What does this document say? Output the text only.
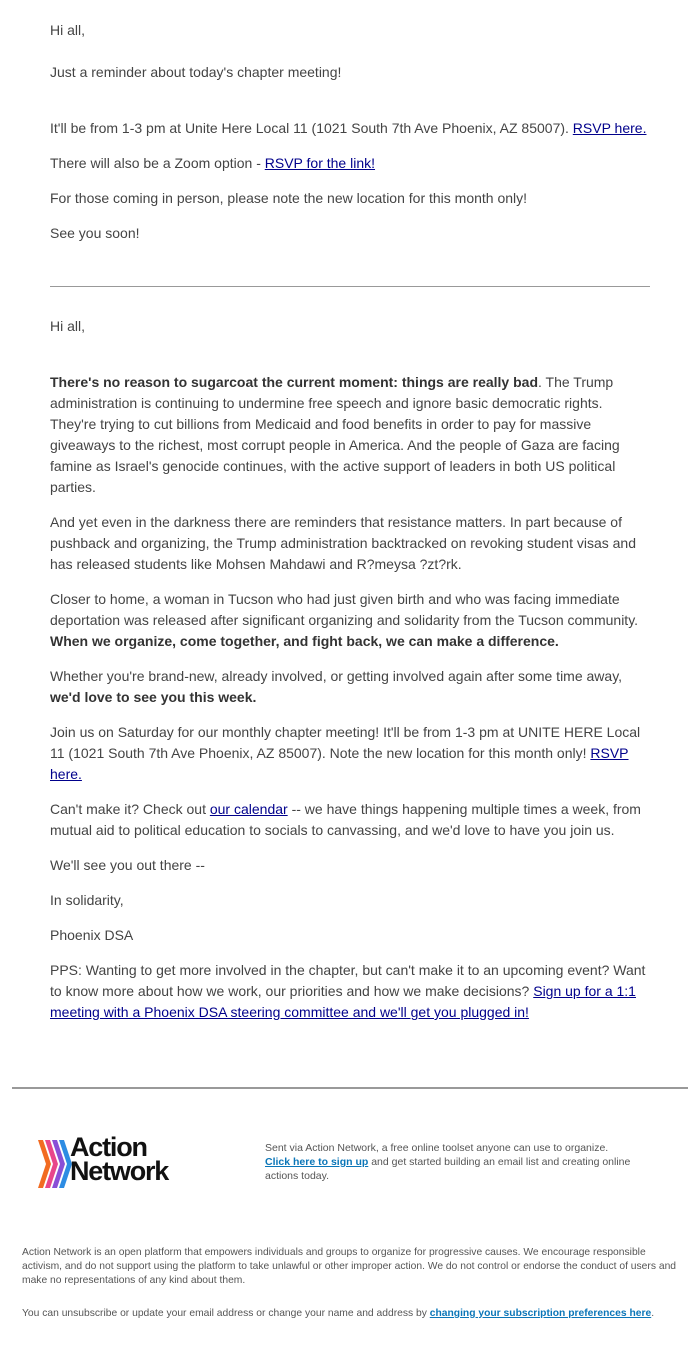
Hi all,

Just a reminder about today's chapter meeting!

It'll be from 1-3 pm at Unite Here Local 11 (1021 South 7th Ave Phoenix, AZ 85007). RSVP here.

There will also be a Zoom option - RSVP for the link!

For those coming in person, please note the new location for this month only!

See you soon!

Hi all,

There's no reason to sugarcoat the current moment: things are really bad. The Trump administration is continuing to undermine free speech and ignore basic democratic rights. They're trying to cut billions from Medicaid and food benefits in order to pay for massive giveaways to the richest, most corrupt people in America. And the people of Gaza are facing famine as Israel's genocide continues, with the active support of leaders in both US political parties.

And yet even in the darkness there are reminders that resistance matters. In part because of pushback and organizing, the Trump administration backtracked on revoking student visas and has released students like Mohsen Mahdawi and R?meysa ?zt?rk.

Closer to home, a woman in Tucson who had just given birth and who was facing immediate deportation was released after significant organizing and solidarity from the Tucson community. When we organize, come together, and fight back, we can make a difference.

Whether you're brand-new, already involved, or getting involved again after some time away, we'd love to see you this week.

Join us on Saturday for our monthly chapter meeting! It'll be from 1-3 pm at UNITE HERE Local 11 (1021 South 7th Ave Phoenix, AZ 85007). Note the new location for this month only! RSVP here.

Can't make it? Check out our calendar -- we have things happening multiple times a week, from mutual aid to political education to socials to canvassing, and we'd love to have you join us.

We'll see you out there --

In solidarity,

Phoenix DSA

PPS: Wanting to get more involved in the chapter, but can't make it to an upcoming event? Want to know more about how we work, our priorities and how we make decisions? Sign up for a 1:1 meeting with a Phoenix DSA steering committee and we'll get you plugged in!

Action
Network
Sent via Action Network, a free online toolset anyone can use to organize.
Click here to sign up and get started building an email list and creating online actions today.
Action Network is an open platform that empowers individuals and groups to organize for progressive causes. We encourage responsible activism, and do not support using the platform to take unlawful or other improper action. We do not control or endorse the conduct of users and make no representations of any kind about them.
You can unsubscribe or update your email address or change your name and address by changing your subscription preferences here.
